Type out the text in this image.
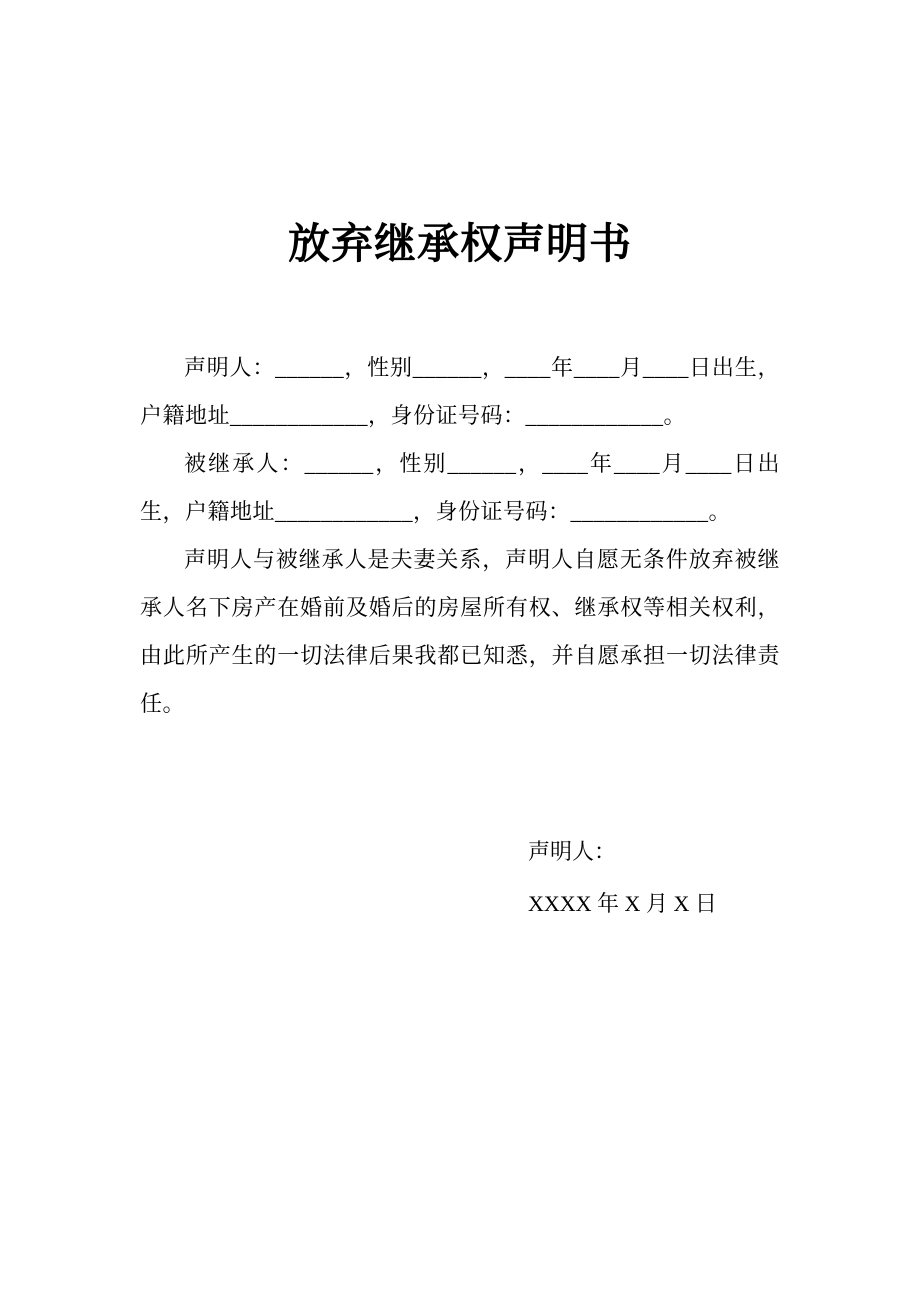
放弃继承权声明书

声明人：______，性别______，____年____月____日出生，户籍地址____________，身份证号码：____________。

被继承人：______，性别______，____年____月____日出生，户籍地址____________，身份证号码：____________。

声明人与被继承人是夫妻关系，声明人自愿无条件放弃被继承人名下房产在婚前及婚后的房屋所有权、继承权等相关权利，由此所产生的一切法律后果我都已知悉，并自愿承担一切法律责任。

声明人：
XXXX 年 X 月 X 日
